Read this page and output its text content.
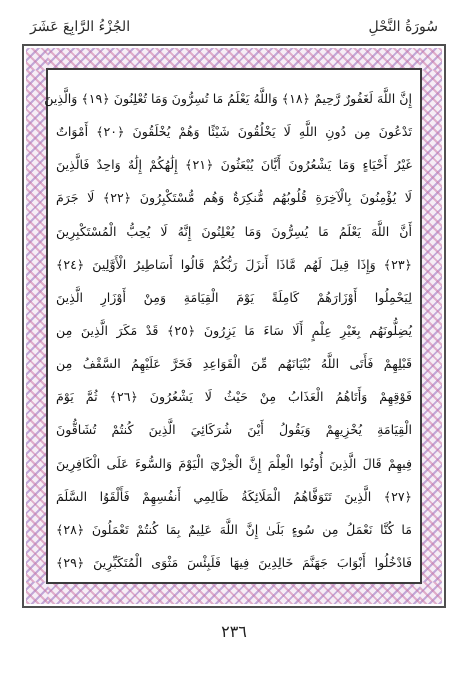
سُورَةُ النَّحْلِ
الجُزْءُ الرَّابِعَ عَشَرَ
إِنَّ اللَّهَ لَغَفُورٌ رَّحِيمٌ ﴿١٨﴾ وَاللَّهُ يَعْلَمُ مَا تُسِرُّونَ وَمَا تُعْلِنُونَ ﴿١٩﴾ وَالَّذِينَ
تَدْعُونَ مِن دُونِ اللَّهِ لَا يَخْلُقُونَ شَيْئًا وَهُمْ يُخْلَقُونَ ﴿٢٠﴾ أَمْوَاتٌ
غَيْرُ أَحْيَاءٍ وَمَا يَشْعُرُونَ أَيَّانَ يُبْعَثُونَ ﴿٢١﴾ إِلَٰهُكُمْ إِلَٰهٌ وَاحِدٌ فَالَّذِينَ
لَا يُؤْمِنُونَ بِالْآخِرَةِ قُلُوبُهُم مُّنكِرَةٌ وَهُم مُّسْتَكْبِرُونَ ﴿٢٢﴾ لَا جَرَمَ
أَنَّ اللَّهَ يَعْلَمُ مَا يُسِرُّونَ وَمَا يُعْلِنُونَ إِنَّهُ لَا يُحِبُّ الْمُسْتَكْبِرِينَ
﴿٢٣﴾ وَإِذَا قِيلَ لَهُم مَّاذَا أَنزَلَ رَبُّكُمْ قَالُوا أَسَاطِيرُ الْأَوَّلِينَ ﴿٢٤﴾
لِيَحْمِلُوا أَوْزَارَهُمْ كَامِلَةً يَوْمَ الْقِيَامَةِ وَمِنْ أَوْزَارِ الَّذِينَ
يُضِلُّونَهُم بِغَيْرِ عِلْمٍ أَلَا سَاءَ مَا يَزِرُونَ ﴿٢٥﴾ قَدْ مَكَرَ الَّذِينَ مِن
قَبْلِهِمْ فَأَتَى اللَّهُ بُنْيَانَهُم مِّنَ الْقَوَاعِدِ فَخَرَّ عَلَيْهِمُ السَّقْفُ مِن
فَوْقِهِمْ وَأَتَاهُمُ الْعَذَابُ مِنْ حَيْثُ لَا يَشْعُرُونَ ﴿٢٦﴾ ثُمَّ يَوْمَ
الْقِيَامَةِ يُخْزِيهِمْ وَيَقُولُ أَيْنَ شُرَكَائِيَ الَّذِينَ كُنتُمْ تُشَاقُّونَ
فِيهِمْ قَالَ الَّذِينَ أُوتُوا الْعِلْمَ إِنَّ الْخِزْيَ الْيَوْمَ وَالسُّوءَ عَلَى الْكَافِرِينَ
﴿٢٧﴾ الَّذِينَ تَتَوَفَّاهُمُ الْمَلَائِكَةُ ظَالِمِي أَنفُسِهِمْ فَأَلْقَوُا السَّلَمَ
مَا كُنَّا نَعْمَلُ مِن سُوءٍ بَلَىٰ إِنَّ اللَّهَ عَلِيمٌ بِمَا كُنتُمْ تَعْمَلُونَ ﴿٢٨﴾
فَادْخُلُوا أَبْوَابَ جَهَنَّمَ خَالِدِينَ فِيهَا فَلَبِئْسَ مَثْوَى الْمُتَكَبِّرِينَ ﴿٢٩﴾
٢٣٦
